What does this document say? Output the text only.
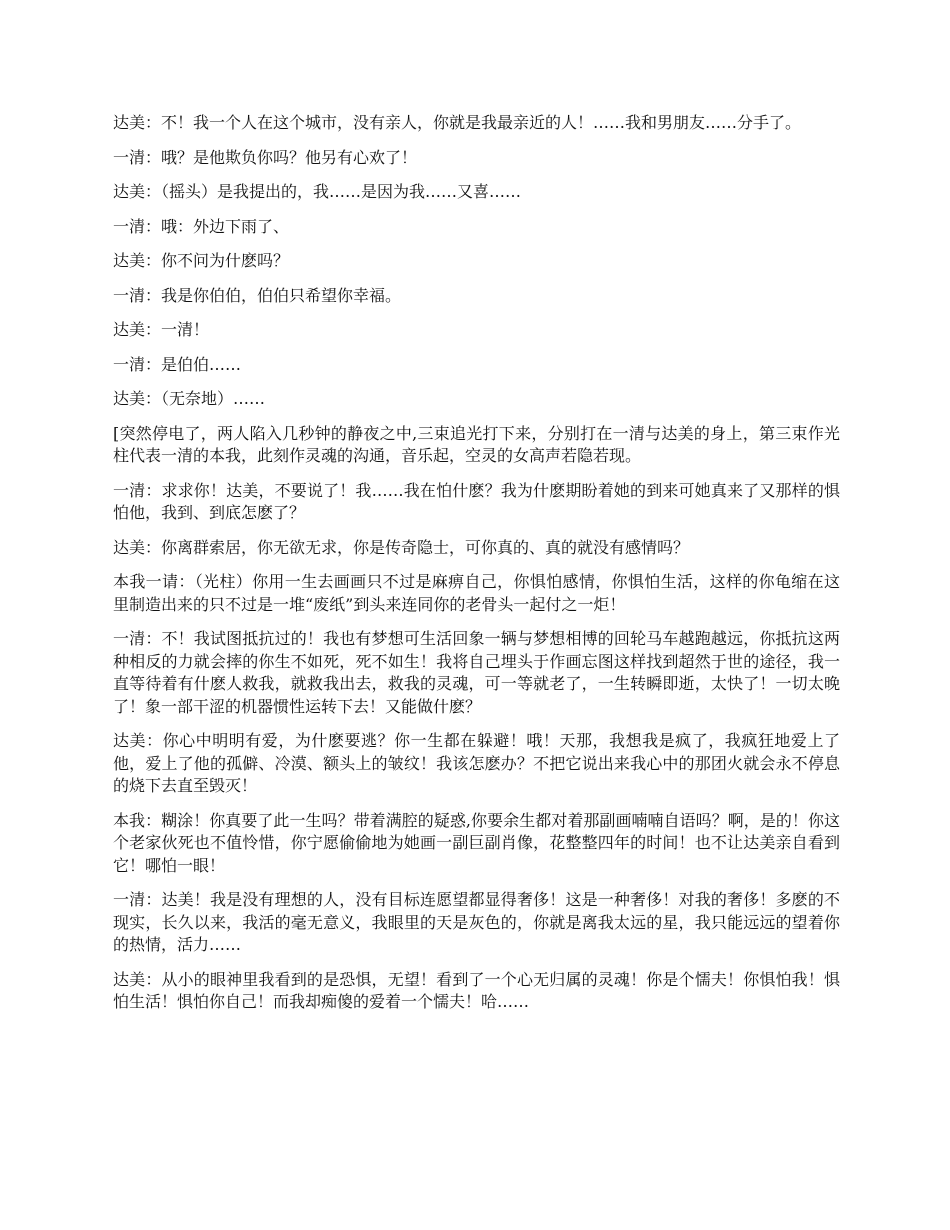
达美：不！我一个人在这个城市，没有亲人，你就是我最亲近的人！……我和男朋友……分手了。

一清：哦？是他欺负你吗？他另有心欢了！

达美：（摇头）是我提出的，我……是因为我……又喜……

一清：哦：外边下雨了、

达美：你不问为什麽吗？

一清：我是你伯伯，伯伯只希望你幸福。

达美：一清！

一清：是伯伯……

达美：（无奈地）……

[突然停电了，两人陷入几秒钟的静夜之中,三束追光打下来，分别打在一清与达美的身上，第三束作光柱代表一清的本我，此刻作灵魂的沟通，音乐起，空灵的女高声若隐若现。

一清：求求你！达美，不要说了！我……我在怕什麽？我为什麽期盼着她的到来可她真来了又那样的惧怕他，我到、到底怎麽了？

达美：你离群索居，你无欲无求，你是传奇隐士，可你真的、真的就没有感情吗？

本我一请：（光柱）你用一生去画画只不过是麻痹自己，你惧怕感情，你惧怕生活，这样的你龟缩在这里制造出来的只不过是一堆“废纸”到头来连同你的老骨头一起付之一炬！

一清：不！我试图抵抗过的！我也有梦想可生活回象一辆与梦想相博的回轮马车越跑越远，你抵抗这两种相反的力就会摔的你生不如死，死不如生！我将自己埋头于作画忘图这样找到超然于世的途径，我一直等待着有什麽人救我，就救我出去，救我的灵魂，可一等就老了，一生转瞬即逝，太快了！一切太晚了！象一部干涩的机器惯性运转下去！又能做什麽？

达美：你心中明明有爱，为什麽要逃？你一生都在躲避！哦！天那，我想我是疯了，我疯狂地爱上了他，爱上了他的孤僻、冷漠、额头上的皱纹！我该怎麽办？不把它说出来我心中的那团火就会永不停息的烧下去直至毁灭！

本我：糊涂！你真要了此一生吗？带着满腔的疑惑,你要余生都对着那副画喃喃自语吗？啊，是的！你这个老家伙死也不值怜惜，你宁愿偷偷地为她画一副巨副肖像，花整整四年的时间！也不让达美亲自看到它！哪怕一眼！

一清：达美！我是没有理想的人，没有目标连愿望都显得奢侈！这是一种奢侈！对我的奢侈！多麽的不现实，长久以来，我活的毫无意义，我眼里的天是灰色的，你就是离我太远的星，我只能远远的望着你的热情，活力……

达美：从小的眼神里我看到的是恐惧，无望！看到了一个心无归属的灵魂！你是个懦夫！你惧怕我！惧怕生活！惧怕你自己！而我却痴傻的爱着一个懦夫！哈……
